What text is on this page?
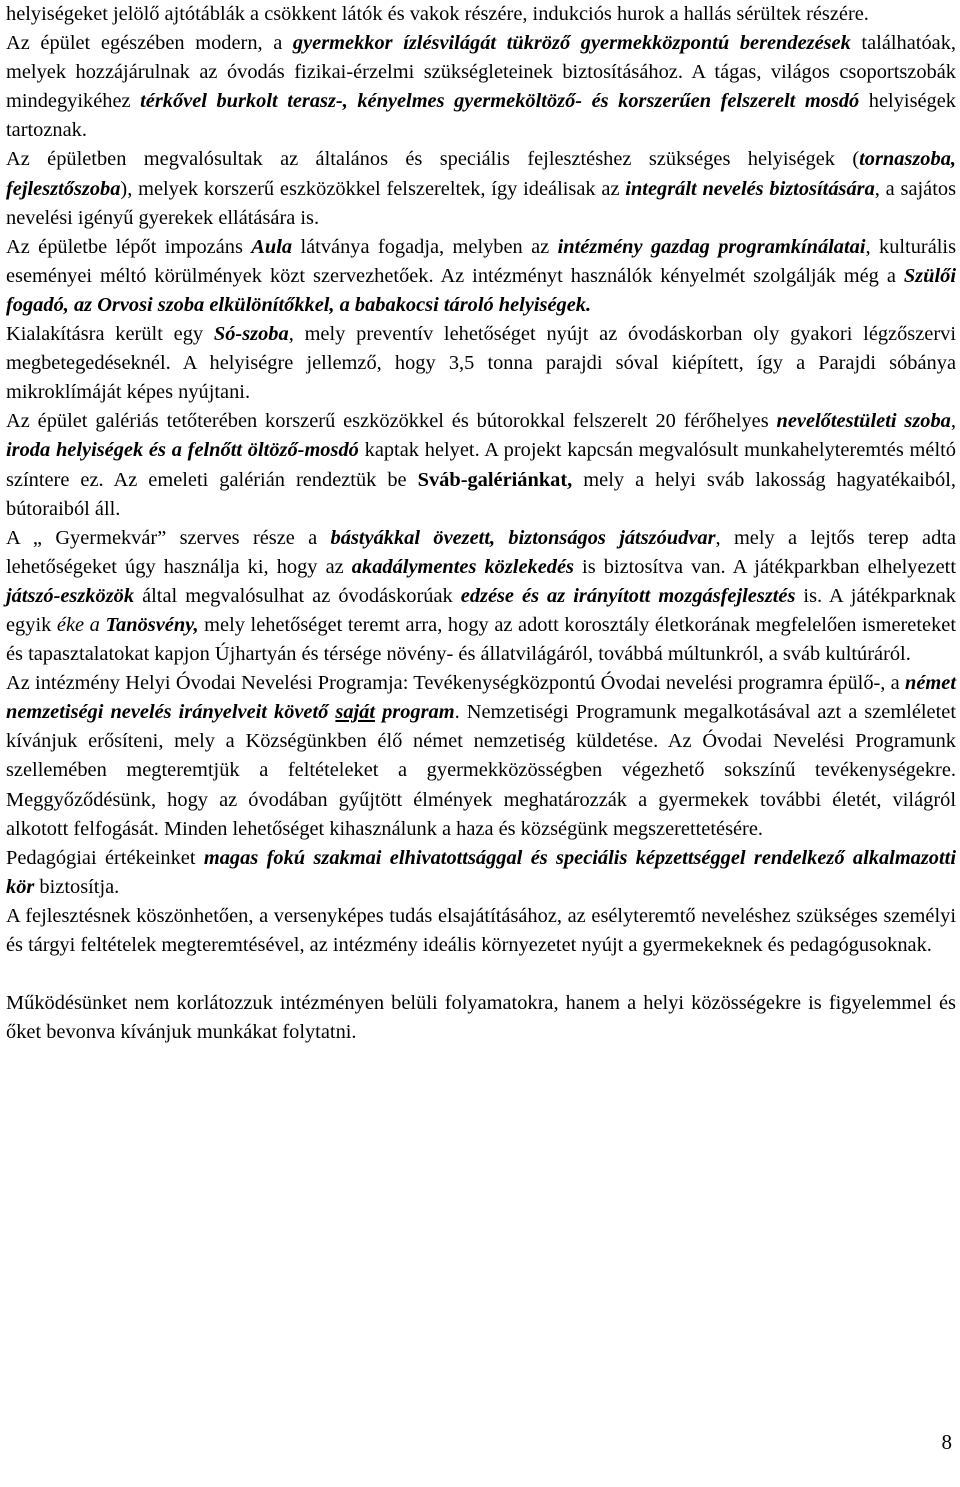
helyiségeket jelölő ajtótáblák a csökkent látók és vakok részére, indukciós hurok a hallás sérültek részére.

Az épület egészében modern, a gyermekkor ízlésvilágát tükröző gyermekközpontú berendezések találhatóak, melyek hozzájárulnak az óvodás fizikai-érzelmi szükségleteinek biztosításához. A tágas, világos csoportszobák mindegyikéhez térkővel burkolt terasz-, kényelmes gyermeköltöző- és korszerűen felszerelt mosdó helyiségek tartoznak.

Az épületben megvalósultak az általános és speciális fejlesztéshez szükséges helyiségek (tornaszoba, fejlesztőszoba), melyek korszerű eszközökkel felszereltek, így ideálisak az integrált nevelés biztosítására, a sajátos nevelési igényű gyerekek ellátására is.

Az épületbe lépőt impozáns Aula látványa fogadja, melyben az intézmény gazdag programkínálatai, kulturális eseményei méltó körülmények közt szervezhetőek. Az intézményt használók kényelmét szolgálják még a Szülői fogadó, az Orvosi szoba elkülönítőkkel, a babakocsi tároló helyiségek.

Kialakításra került egy Só-szoba, mely preventív lehetőséget nyújt az óvodáskorban oly gyakori légzőszervi megbetegedéseknél. A helyiségre jellemző, hogy 3,5 tonna parajdi sóval kiépített, így a Parajdi sóbánya mikroklímáját képes nyújtani.

Az épület galériás tetőterében korszerű eszközökkel és bútorokkal felszerelt 20 férőhelyes nevelőtestületi szoba, iroda helyiségek és a felnőtt öltöző-mosdó kaptak helyet. A projekt kapcsán megvalósult munkahelyteremtés méltó színtere ez. Az emeleti galérián rendeztük be Sváb-galériánkat, mely a helyi sváb lakosság hagyatékaiból, bútoraiból áll.

A „ Gyermekvár” szerves része a bástyákkal övezett, biztonságos játszóudvar, mely a lejtős terep adta lehetőségeket úgy használja ki, hogy az akadálymentes közlekedés is biztosítva van. A játékparkban elhelyezett játszó-eszközök által megvalósulhat az óvodáskorúak edzése és az irányított mozgásfejlesztés is. A játékparknak egyik éke a Tanösvény, mely lehetőséget teremt arra, hogy az adott korosztály életkorának megfelelően ismereteket és tapasztalatokat kapjon Újhartyán és térsége növény- és állatvilágáról, továbbá múltunkról, a sváb kultúráról.

Az intézmény Helyi Óvodai Nevelési Programja: Tevékenységközpontú Óvodai nevelési programra épülő-, a német nemzetiségi nevelés irányelveit követő saját program. Nemzetiségi Programunk megalkotásával azt a szemléletet kívánjuk erősíteni, mely a Községünkben élő német nemzetiség küldetése. Az Óvodai Nevelési Programunk szellemében megteremtjük a feltételeket a gyermekközösségben végezhető sokszínű tevékenységekre. Meggyőződésünk, hogy az óvodában gyűjtött élmények meghatározzák a gyermekek további életét, világról alkotott felfogását. Minden lehetőséget kihasználunk a haza és községünk megszerettetésére.

Pedagógiai értékeinket magas fokú szakmai elhivatottsággal és speciális képzettséggel rendelkező alkalmazotti kör biztosítja.

A fejlesztésnek köszönhetően, a versenyképes tudás elsajátításához, az esélyteremtő neveléshez szükséges személyi és tárgyi feltételek megteremtésével, az intézmény ideális környezetet nyújt a gyermekeknek és pedagógusoknak.

Működésünket nem korlátozzuk intézményen belüli folyamatokra, hanem a helyi közösségekre is figyelemmel és őket bevonva kívánjuk munkákat folytatni.

8
